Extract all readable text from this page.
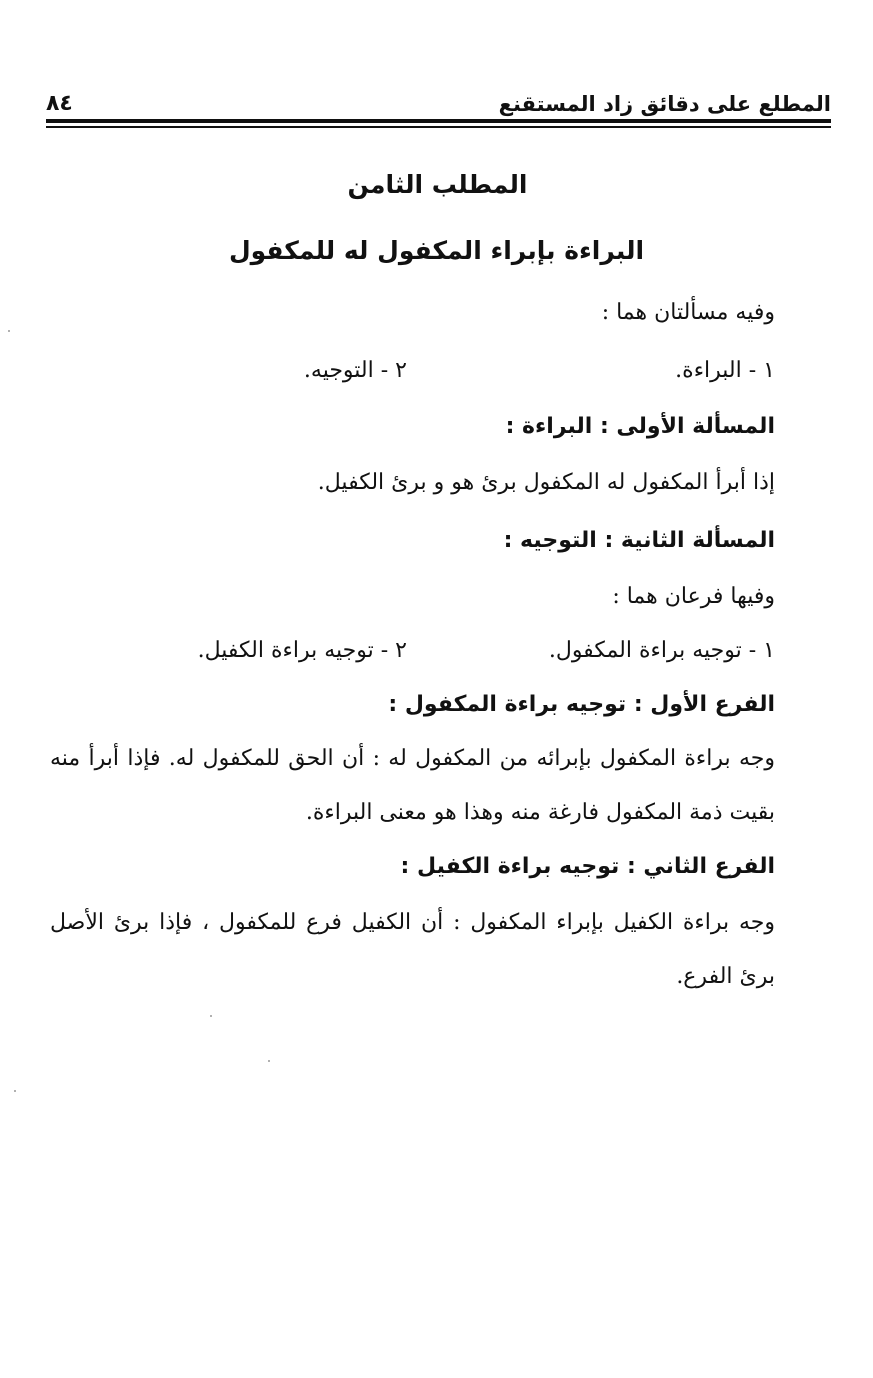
المطلع على دقائق زاد المستقنع
٨٤
المطلب الثامن
البراءة بإبراء المكفول له للمكفول
وفيه مسألتان هما :
١ - البراءة.
٢ - التوجيه.
المسألة الأولى : البراءة :
إذا أبرأ المكفول له المكفول برئ هو و برئ الكفيل.
المسألة الثانية : التوجيه :
وفيها فرعان هما :
١ - توجيه براءة المكفول.
٢ - توجيه براءة الكفيل.
الفرع الأول : توجيه براءة المكفول :
وجه براءة المكفول بإبرائه من المكفول له : أن الحق للمكفول له. فإذا أبرأ منه بقيت ذمة المكفول فارغة منه وهذا هو معنى البراءة.
الفرع الثاني : توجيه براءة الكفيل :
وجه براءة الكفيل بإبراء المكفول : أن الكفيل فرع للمكفول ، فإذا برئ الأصل برئ الفرع.
